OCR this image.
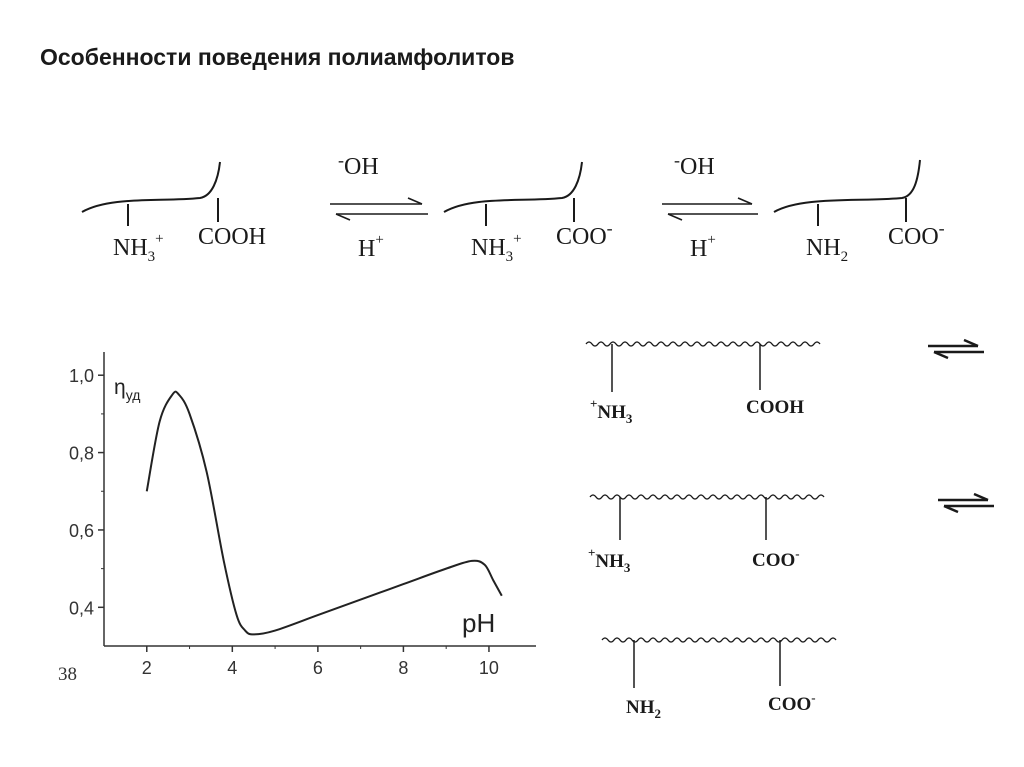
Особенности поведения полиамфолитов
$NH_3^+$ COOH
-OH
H+	$NH_3^+$ COO-
-OH
H+	$NH_2$
COO-
1,0
0,8
0,6
0,4
2	4	6	8	10
$\eta_{уд}$
pH
38
$^+NH_3$
COOH
$^+NH_3$	COO-
$NH_2$	COO-
